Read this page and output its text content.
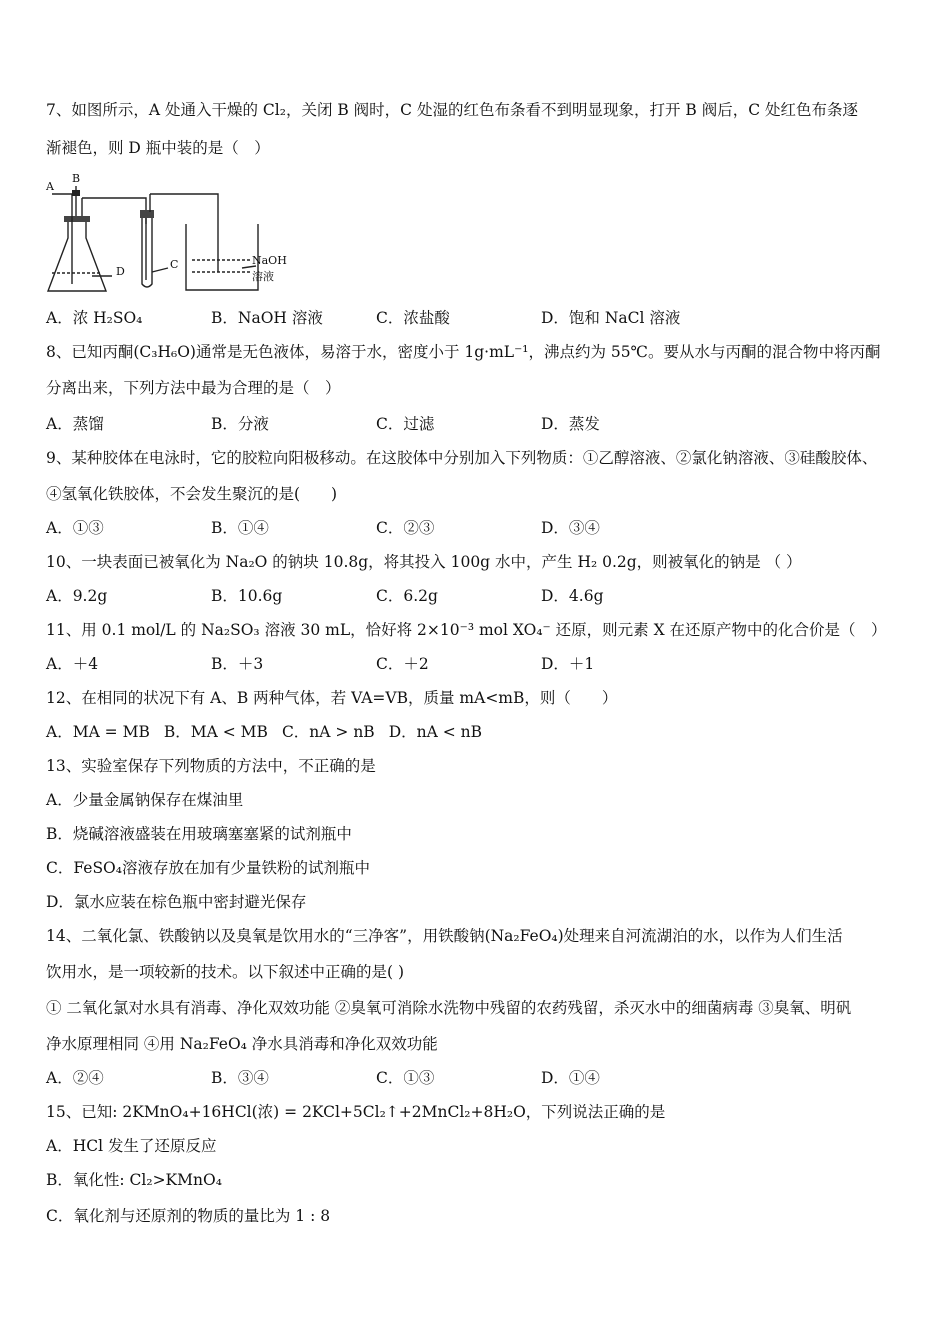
7、如图所示，A 处通入干燥的 Cl₂，关闭 B 阀时，C 处湿的红色布条看不到明显现象，打开 B 阀后，C 处红色布条逐
渐褪色，则 D 瓶中装的是（　）
A
B
D
C	NaOH
溶液
A．浓 H₂SO₄	B．NaOH 溶液	C．浓盐酸	D．饱和 NaCl 溶液
8、已知丙酮(C₃H₆O)通常是无色液体，易溶于水，密度小于 1g·mL⁻¹，沸点约为 55℃。要从水与丙酮的混合物中将丙酮
分离出来，下列方法中最为合理的是（　）
A．蒸馏	B．分液	C．过滤	D．蒸发
9、某种胶体在电泳时，它的胶粒向阳极移动。在这胶体中分别加入下列物质：①乙醇溶液、②氯化钠溶液、③硅酸胶体、
④氢氧化铁胶体，不会发生聚沉的是(　　)
A．①③	B．①④	C．②③	D．③④
10、一块表面已被氧化为 Na₂O 的钠块 10.8g，将其投入 100g 水中，产生 H₂ 0.2g，则被氧化的钠是 （ ）
A．9.2g	B．10.6g	C．6.2g	D．4.6g
11、用 0.1 mol/L 的 Na₂SO₃ 溶液 30 mL，恰好将 2×10⁻³ mol XO₄⁻ 还原，则元素 X 在还原产物中的化合价是（　）
A．＋4	B．＋3	C．＋2	D．＋1
12、在相同的状况下有 A、B 两种气体，若 VA=VB，质量 mA<mB，则（　　）
A．MA = MB B．MA < MB C．nA > nB D．nA < nB
13、实验室保存下列物质的方法中，不正确的是
A．少量金属钠保存在煤油里
B．烧碱溶液盛装在用玻璃塞塞紧的试剂瓶中
C．FeSO₄溶液存放在加有少量铁粉的试剂瓶中
D．氯水应装在棕色瓶中密封避光保存
14、二氧化氯、铁酸钠以及臭氧是饮用水的“三净客”，用铁酸钠(Na₂FeO₄)处理来自河流湖泊的水，以作为人们生活
饮用水，是一项较新的技术。以下叙述中正确的是( )
① 二氧化氯对水具有消毒、净化双效功能 ②臭氧可消除水洗物中残留的农药残留，杀灭水中的细菌病毒 ③臭氧、明矾
净水原理相同 ④用 Na₂FeO₄ 净水具消毒和净化双效功能
A．②④	B．③④	C．①③	D．①④
15、已知: 2KMnO₄+16HCl(浓) = 2KCl+5Cl₂↑+2MnCl₂+8H₂O，下列说法正确的是
A．HCl 发生了还原反应
B．氧化性: Cl₂>KMnO₄
C．氧化剂与还原剂的物质的量比为 1 : 8
